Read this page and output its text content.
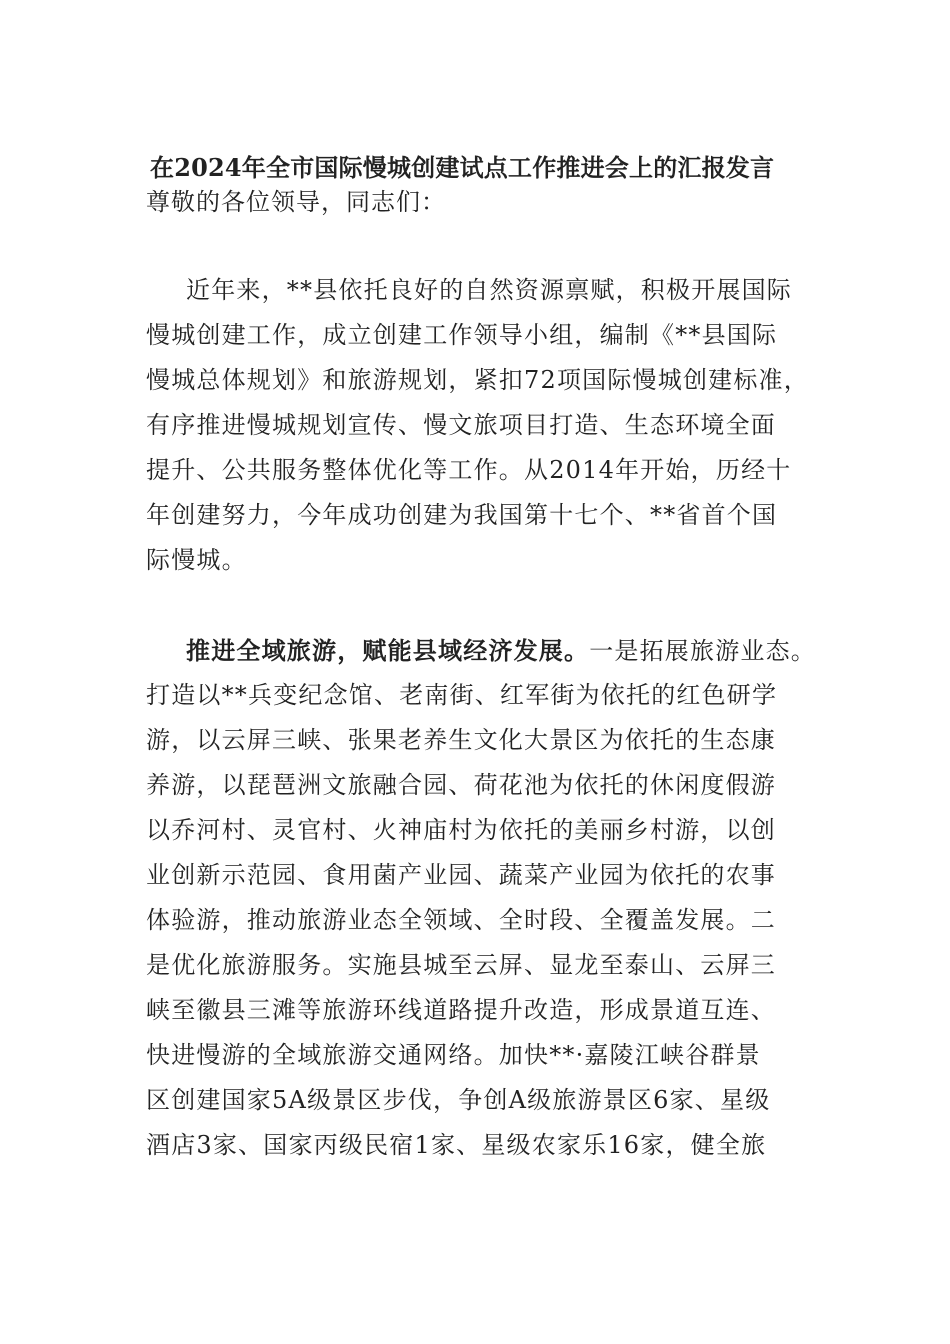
在2024年全市国际慢城创建试点工作推进会上的汇报发言
尊敬的各位领导，同志们：
近年来，**县依托良好的自然资源禀赋，积极开展国际
慢城创建工作，成立创建工作领导小组，编制《**县国际
慢城总体规划》和旅游规划，紧扣72项国际慢城创建标准，
有序推进慢城规划宣传、慢文旅项目打造、生态环境全面
提升、公共服务整体优化等工作。从2014年开始，历经十
年创建努力，今年成功创建为我国第十七个、**省首个国
际慢城。
推进全域旅游，赋能县域经济发展。一是拓展旅游业态。
打造以**兵变纪念馆、老南街、红军街为依托的红色研学
游，以云屏三峡、张果老养生文化大景区为依托的生态康
养游，以琵琶洲文旅融合园、荷花池为依托的休闲度假游
以乔河村、灵官村、火神庙村为依托的美丽乡村游，以创
业创新示范园、食用菌产业园、蔬菜产业园为依托的农事
体验游，推动旅游业态全领域、全时段、全覆盖发展。二
是优化旅游服务。实施县城至云屏、显龙至泰山、云屏三
峡至徽县三滩等旅游环线道路提升改造，形成景道互连、
快进慢游的全域旅游交通网络。加快**·嘉陵江峡谷群景
区创建国家5A级景区步伐，争创A级旅游景区6家、星级
酒店3家、国家丙级民宿1家、星级农家乐16家，健全旅
